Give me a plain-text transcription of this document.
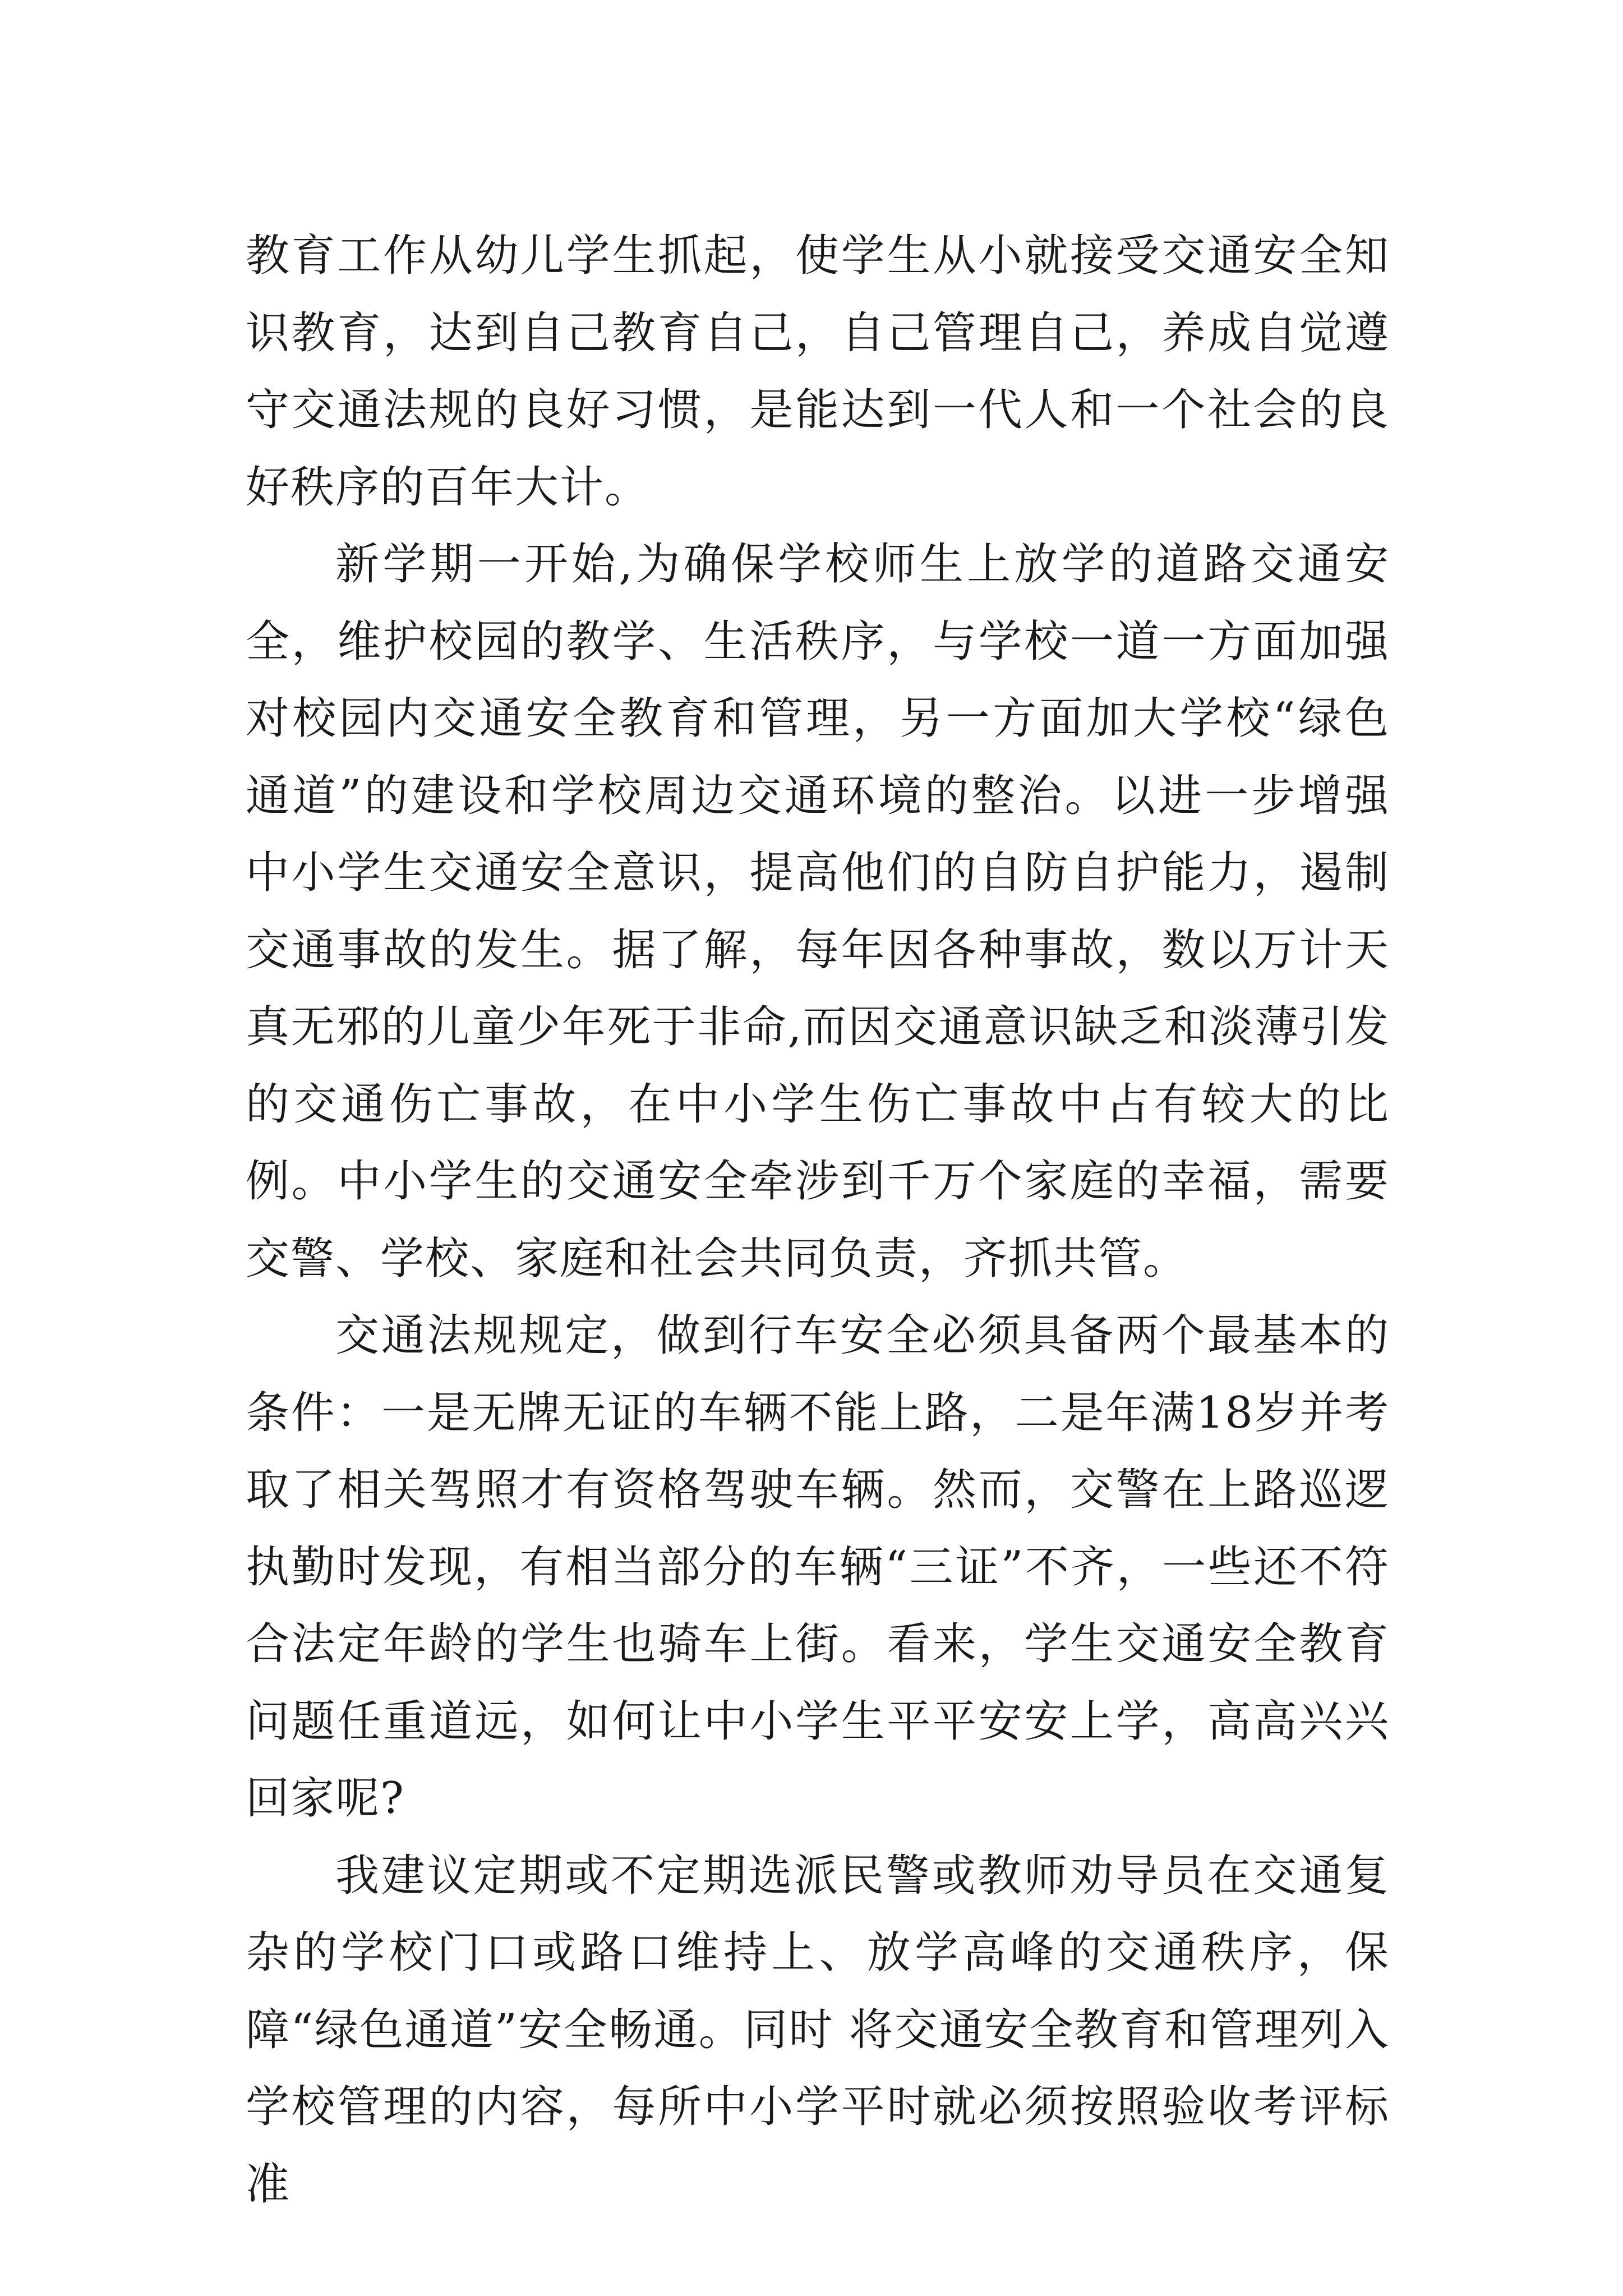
教育工作从幼儿学生抓起，使学生从小就接受交通安全知识教育，达到自己教育自己，自己管理自己，养成自觉遵守交通法规的良好习惯，是能达到一代人和一个社会的良好秩序的百年大计。

新学期一开始,为确保学校师生上放学的道路交通安全，维护校园的教学、生活秩序，与学校一道一方面加强对校园内交通安全教育和管理，另一方面加大学校“绿色通道”的建设和学校周边交通环境的整治。以进一步增强中小学生交通安全意识，提高他们的自防自护能力，遏制交通事故的发生。据了解，每年因各种事故，数以万计天真无邪的儿童少年死于非命,而因交通意识缺乏和淡薄引发的交通伤亡事故，在中小学生伤亡事故中占有较大的比例。中小学生的交通安全牵涉到千万个家庭的幸福，需要交警、学校、家庭和社会共同负责，齐抓共管。

交通法规规定，做到行车安全必须具备两个最基本的条件：一是无牌无证的车辆不能上路，二是年满18岁并考取了相关驾照才有资格驾驶车辆。然而，交警在上路巡逻执勤时发现，有相当部分的车辆“三证”不齐，一些还不符合法定年龄的学生也骑车上街。看来，学生交通安全教育问题任重道远，如何让中小学生平平安安上学，高高兴兴回家呢?

我建议定期或不定期选派民警或教师劝导员在交通复杂的学校门口或路口维持上、放学高峰的交通秩序，保障“绿色通道”安全畅通。同时 将交通安全教育和管理列入学校管理的内容，每所中小学平时就必须按照验收考评标准
